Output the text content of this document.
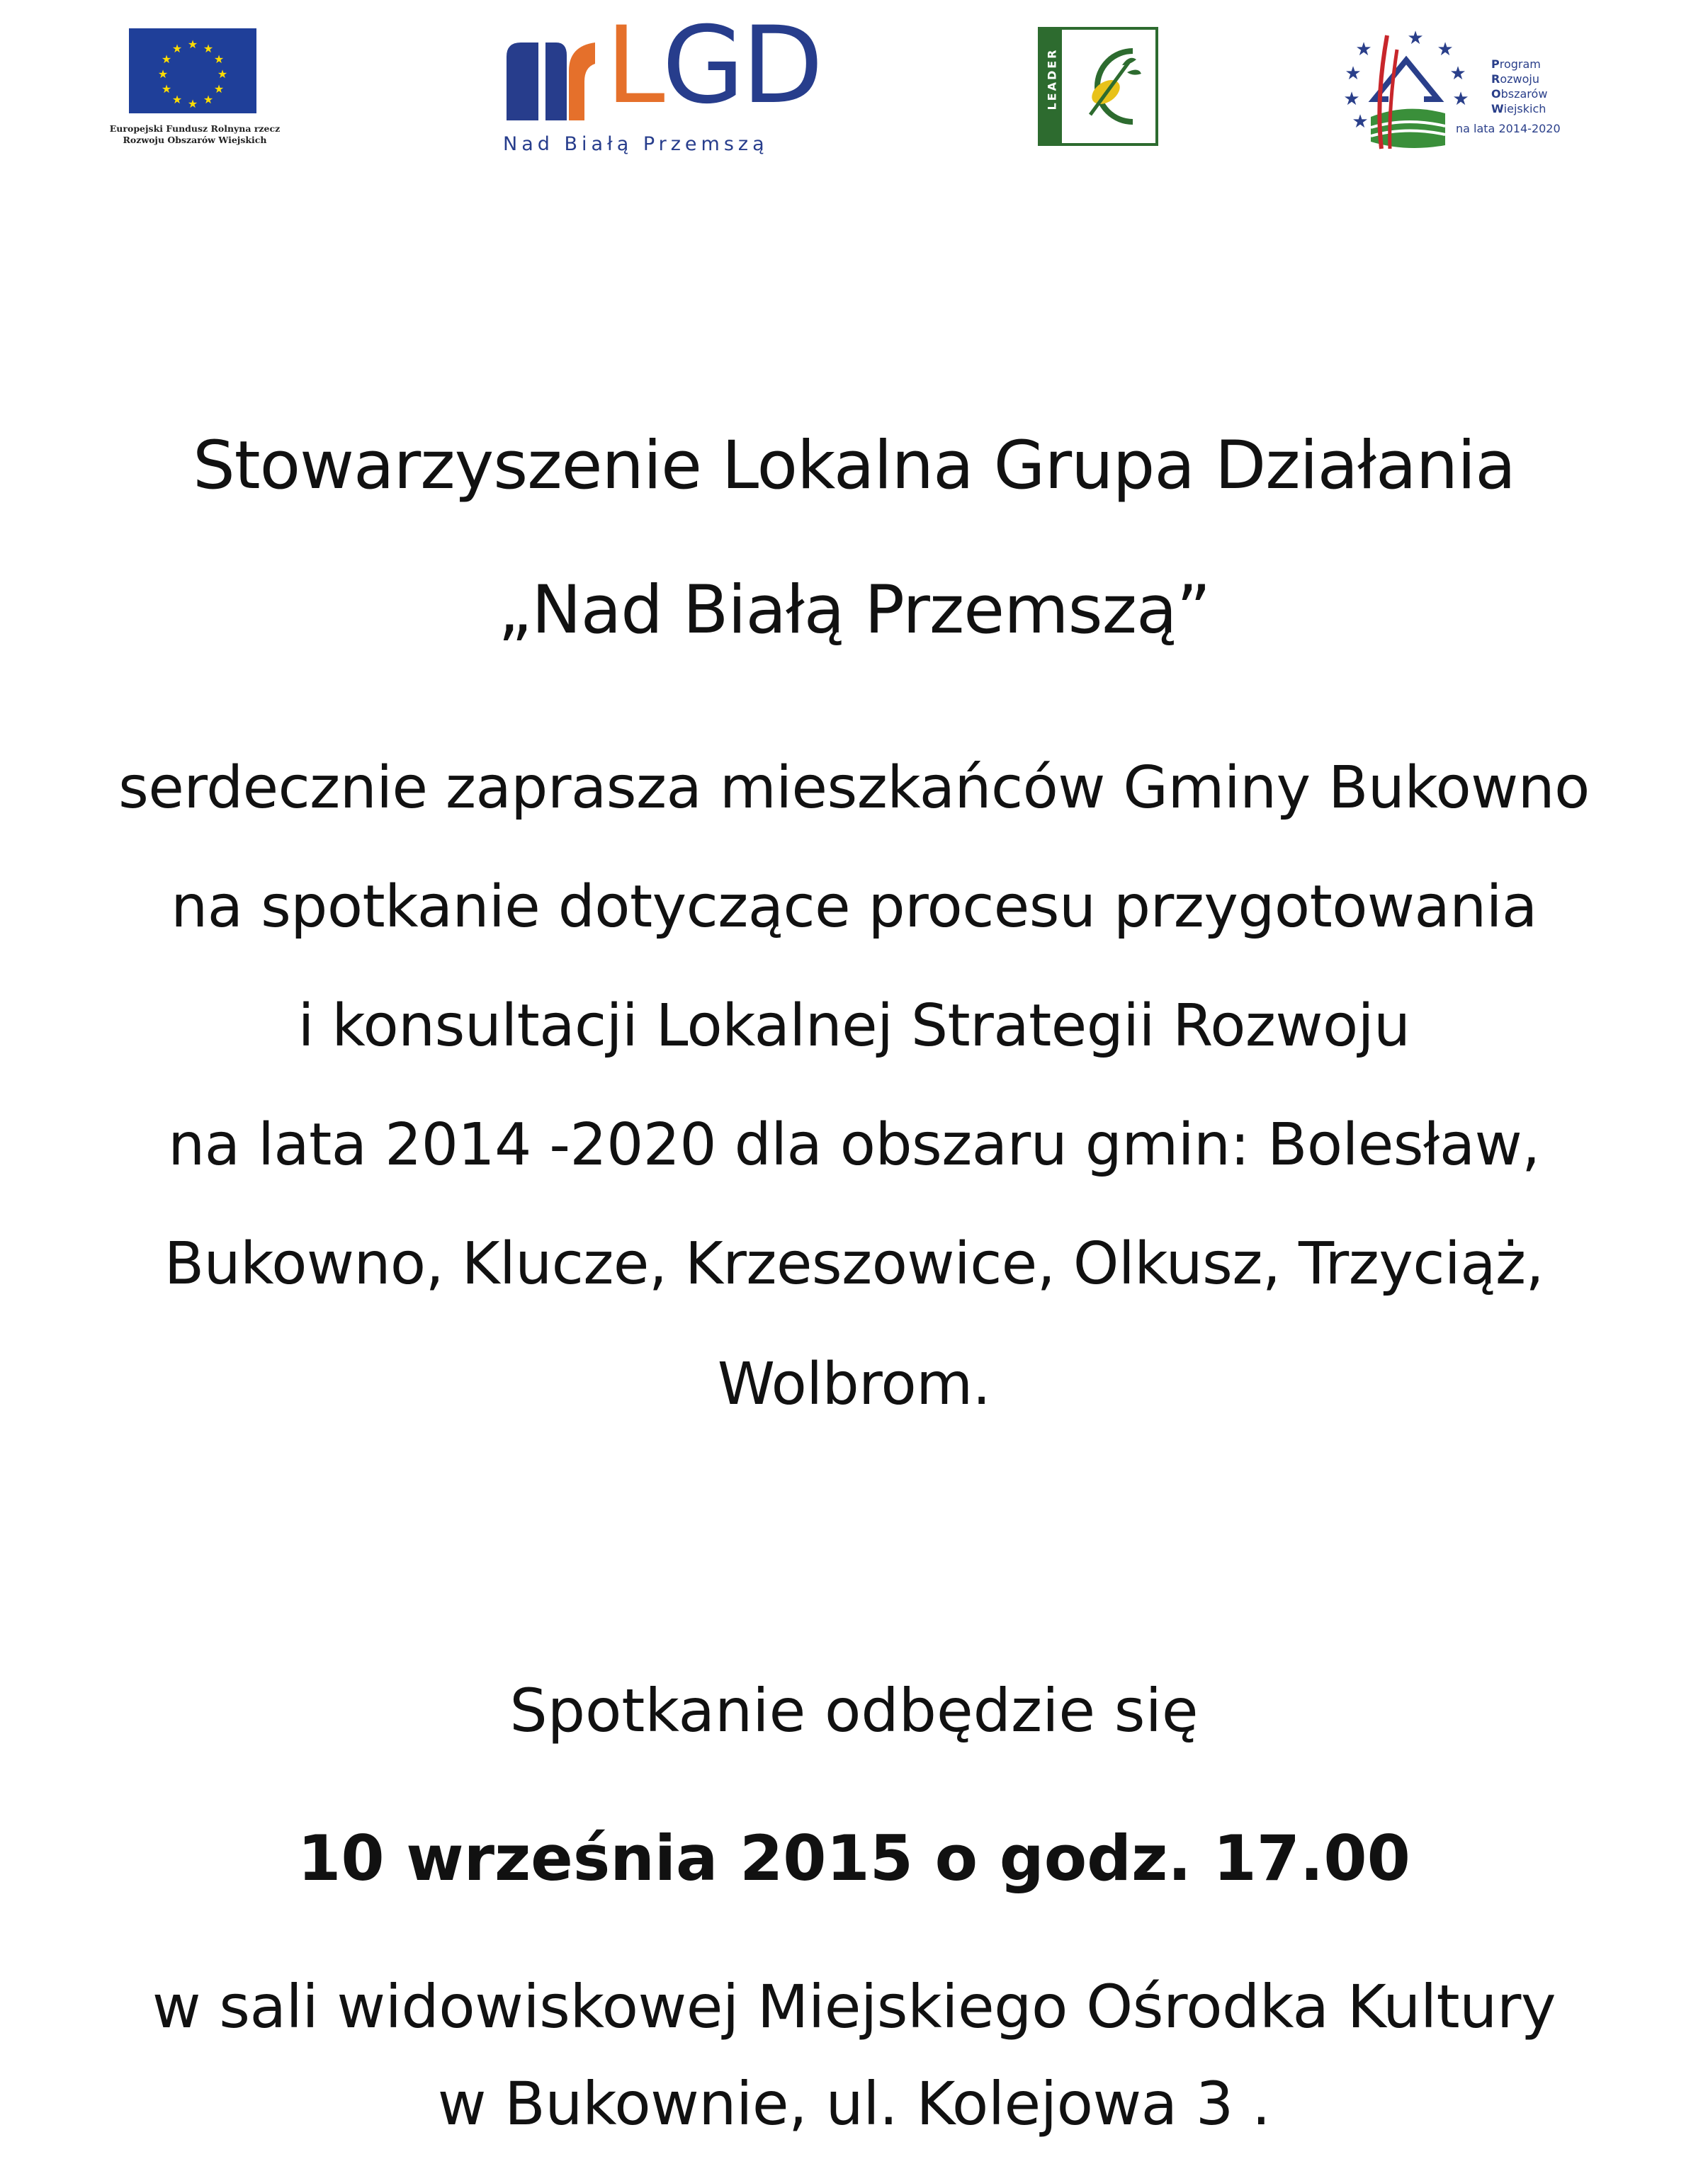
★ ★
★
★
★
★
★
★
★
★
★
★
Europejski Fundusz Rolnyna rzecz
Rozwoju Obszarów Wiejskich
LGD
Nad Białą Przemszą
LEADER	★
★
★
★
★
★
★
★
Program
Rozwoju
Obszarów
Wiejskich
na lata 2014-2020
Stowarzyszenie Lokalna Grupa Działania
„Nad Białą Przemszą”
serdecznie zaprasza mieszkańców Gminy Bukowno
na spotkanie dotyczące procesu przygotowania
i konsultacji Lokalnej Strategii Rozwoju
na lata 2014 -2020 dla obszaru gmin: Bolesław,
Bukowno, Klucze, Krzeszowice, Olkusz, Trzyciąż,
Wolbrom.
Spotkanie odbędzie się
10 września 2015 o godz. 17.00
w sali widowiskowej Miejskiego Ośrodka Kultury
w Bukownie, ul. Kolejowa 3 .
